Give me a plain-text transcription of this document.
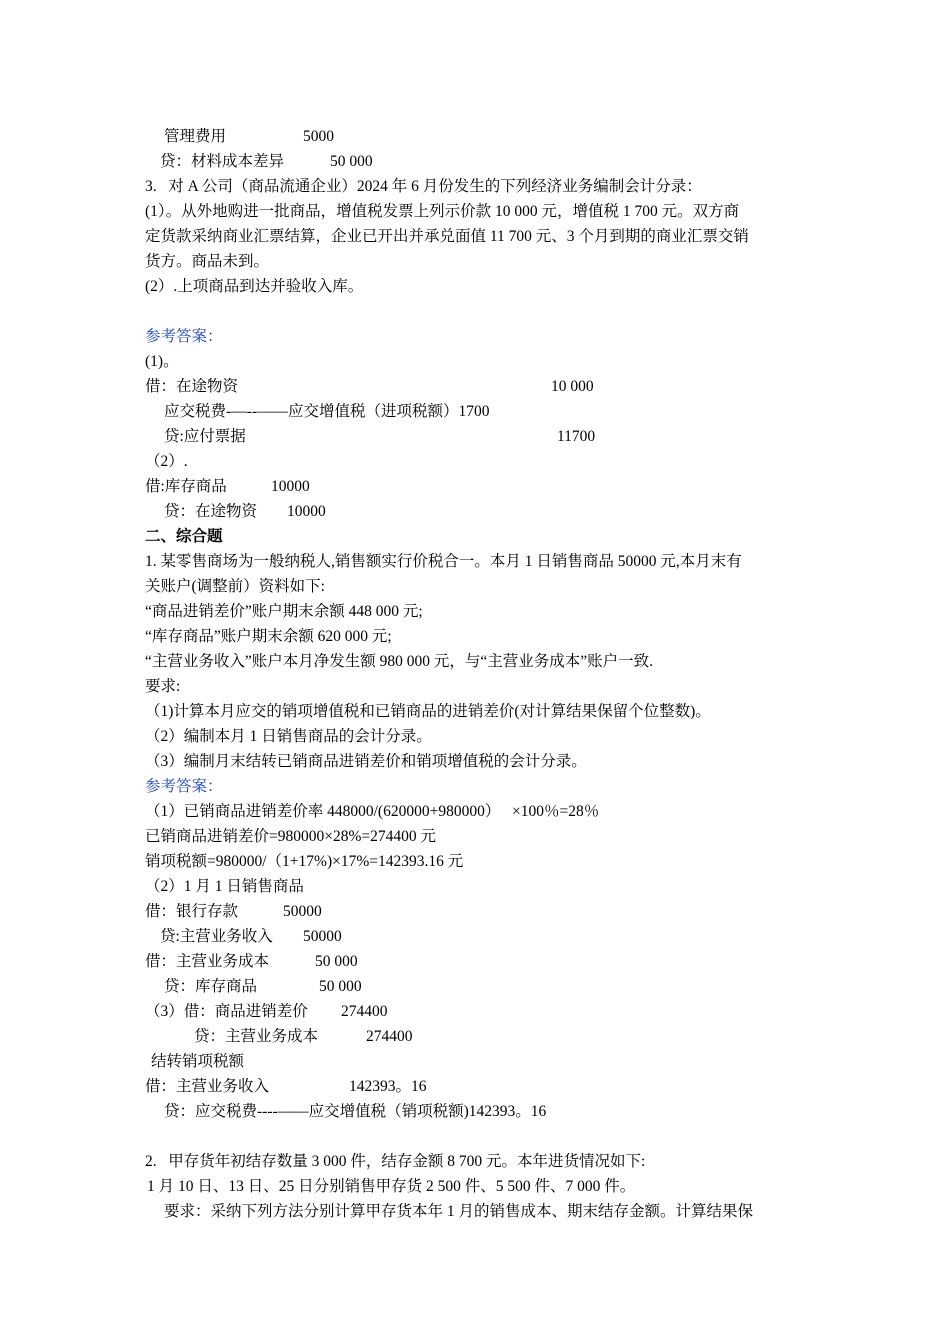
管理费用	5000
贷：材料成本差异	50 000
3.   对 A 公司（商品流通企业）2024 年 6 月份发生的下列经济业务编制会计分录：
(1）。从外地购进一批商品，增值税发票上列示价款 10 000 元，增值税 1 700 元。双方商
定货款采纳商业汇票结算，企业已开出并承兑面值 11 700 元、3 个月到期的商业汇票交销
货方。商品未到。
(2）.上项商品到达并验收入库。
参考答案：
(1)。
借：在途物资	10 000
应交税费-—--——应交增值税（进项税额）1700
贷:应付票据	11700
（2）.
借:库存商品	10000
贷：在途物资 10000
二、综合题
1. 某零售商场为一般纳税人,销售额实行价税合一。本月 1 日销售商品 50000 元,本月末有
关账户(调整前）资料如下:
“商品进销差价”账户期末余额 448 000 元;
“库存商品”账户期末余额 620 000 元;
“主营业务收入”账户本月净发生额 980 000 元，与“主营业务成本”账户一致.
要求:
（1)计算本月应交的销项增值税和已销商品的进销差价(对计算结果保留个位整数)。
（2）编制本月 1 日销售商品的会计分录。
（3）编制月末结转已销商品进销差价和销项增值税的会计分录。
参考答案：
（1）已销商品进销差价率 448000/(620000+980000）   ×100％=28％
已销商品进销差价=980000×28%=274400 元
销项税额=980000/（1+17%)×17%=142393.16 元
（2）1 月 1 日销售商品
借：银行存款	50000
贷:主营业务收入 50000
借：主营业务成本	50 000
贷：库存商品	50 000
（3）借：商品进销差价 274400
贷：主营业务成本	274400
结转销项税额
借：主营业务收入	142393。16
贷：应交税费----——应交增值税（销项税额)142393。16
2.   甲存货年初结存数量 3 000 件，结存金额 8 700 元。本年进货情况如下:
1 月 10 日、13 日、25 日分别销售甲存货 2 500 件、5 500 件、7 000 件。
要求：采纳下列方法分别计算甲存货本年 1 月的销售成本、期末结存金额。计算结果保
